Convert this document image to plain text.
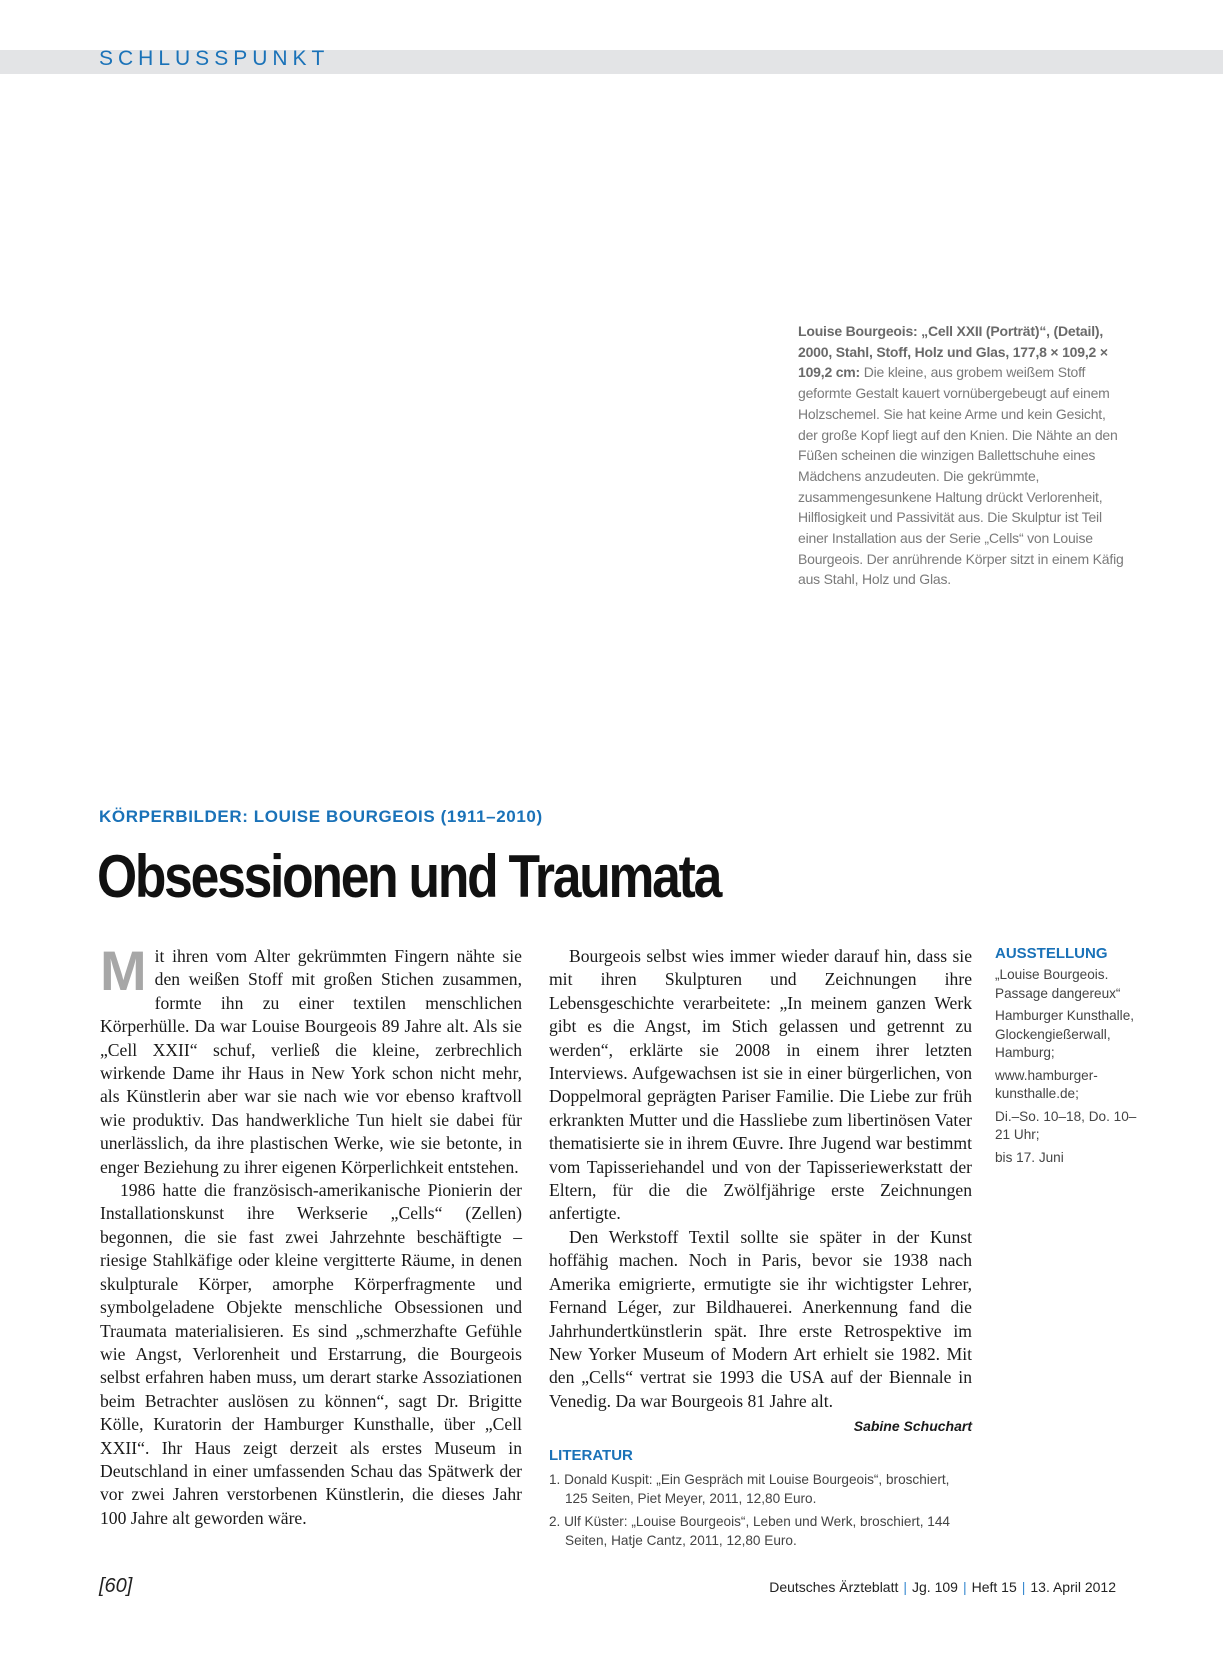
SCHLUSSPUNKT
Louise Bourgeois: „Cell XXII (Porträt)“, (Detail), 2000, Stahl, Stoff, Holz und Glas, 177,8 × 109,2 × 109,2 cm: Die kleine, aus grobem weißem Stoff geformte Gestalt kauert vornübergebeugt auf einem Holzschemel. Sie hat keine Arme und kein Gesicht, der große Kopf liegt auf den Knien. Die Nähte an den Füßen scheinen die winzigen Ballettschuhe eines Mädchens anzudeuten. Die gekrümmte, zusammengesunkene Haltung drückt Verlorenheit, Hilflosigkeit und Passivität aus. Die Skulptur ist Teil einer Installation aus der Serie „Cells“ von Louise Bourgeois. Der anrührende Körper sitzt in einem Käfig aus Stahl, Holz und Glas.
KÖRPERBILDER: LOUISE BOURGEOIS (1911–2010)
Obsessionen und Traumata

Mit ihren vom Alter gekrümmten Fingern nähte sie den weißen Stoff mit großen Stichen zusammen, formte ihn zu einer textilen menschlichen Körperhülle. Da war Louise Bourgeois 89 Jahre alt. Als sie „Cell XXII“ schuf, verließ die kleine, zerbrechlich wirkende Dame ihr Haus in New York schon nicht mehr, als Künstlerin aber war sie nach wie vor ebenso kraftvoll wie produktiv. Das handwerkliche Tun hielt sie dabei für unerlässlich, da ihre plastischen Werke, wie sie betonte, in enger Beziehung zu ihrer eigenen Körperlichkeit entstehen.

1986 hatte die französisch-amerikanische Pionierin der Installationskunst ihre Werkserie „Cells“ (Zellen) begonnen, die sie fast zwei Jahrzehnte beschäftigte – riesige Stahlkäfige oder kleine vergitterte Räume, in denen skulpturale Körper, amorphe Körperfragmente und symbolgeladene Objekte menschliche Obsessionen und Traumata materialisieren. Es sind „schmerzhafte Gefühle wie Angst, Verlorenheit und Erstarrung, die Bourgeois selbst erfahren haben muss, um derart starke Assoziationen beim Betrachter auslösen zu können“, sagt Dr. Brigitte Kölle, Kuratorin der Hamburger Kunsthalle, über „Cell XXII“. Ihr Haus zeigt derzeit als erstes Museum in Deutschland in einer umfassenden Schau das Spätwerk der vor zwei Jahren verstorbenen Künstlerin, die dieses Jahr 100 Jahre alt geworden wäre.

Bourgeois selbst wies immer wieder darauf hin, dass sie mit ihren Skulpturen und Zeichnungen ihre Lebensgeschichte verarbeitete: „In meinem ganzen Werk gibt es die Angst, im Stich gelassen und getrennt zu werden“, erklärte sie 2008 in einem ihrer letzten Interviews. Aufgewachsen ist sie in einer bürgerlichen, von Doppelmoral geprägten Pariser Familie. Die Liebe zur früh erkrankten Mutter und die Hassliebe zum libertinösen Vater thematisierte sie in ihrem Œuvre. Ihre Jugend war bestimmt vom Tapisseriehandel und von der Tapisseriewerkstatt der Eltern, für die die Zwölfjährige erste Zeichnungen anfertigte.

Den Werkstoff Textil sollte sie später in der Kunst hoffähig machen. Noch in Paris, bevor sie 1938 nach Amerika emigrierte, ermutigte sie ihr wichtigster Lehrer, Fernand Léger, zur Bildhauerei. Anerkennung fand die Jahrhundertkünstlerin spät. Ihre erste Retrospektive im New Yorker Museum of Modern Art erhielt sie 1982. Mit den „Cells“ vertrat sie 1993 die USA auf der Biennale in Venedig. Da war Bourgeois 81 Jahre alt.

Sabine Schuchart
LITERATUR
1. Donald Kuspit: „Ein Gespräch mit Louise Bourgeois“, broschiert, 125 Seiten, Piet Meyer, 2011, 12,80 Euro.
2. Ulf Küster: „Louise Bourgeois“, Leben und Werk, broschiert, 144 Seiten, Hatje Cantz, 2011, 12,80 Euro.
AUSSTELLUNG
„Louise Bourgeois. Passage dangereux“
Hamburger Kunsthalle, Glockengießerwall, Hamburg;
www.hamburger-kunsthalle.de;
Di.–So. 10–18, Do. 10–21 Uhr;
bis 17. Juni
[60]	Deutsches Ärzteblatt | Jg. 109 | Heft 15 | 13. April 2012
